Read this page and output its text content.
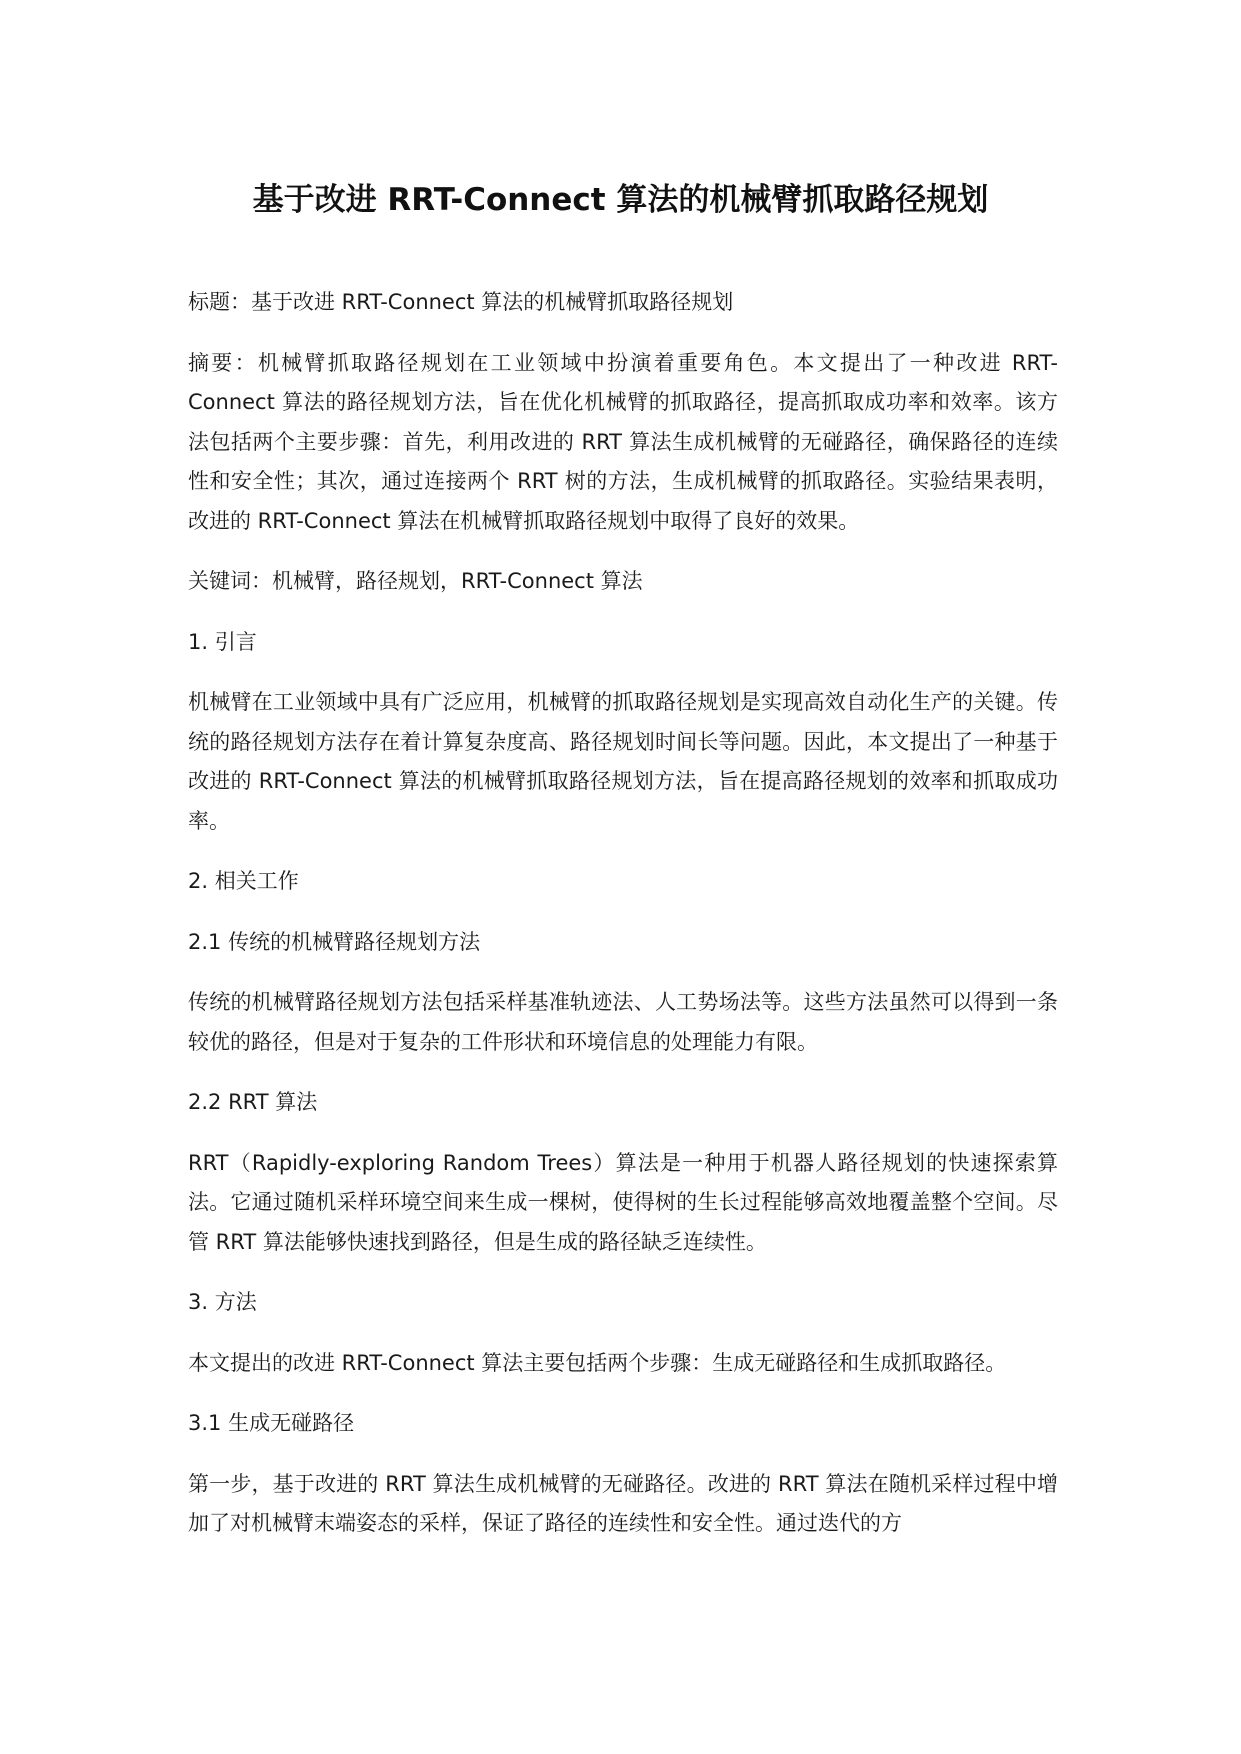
基于改进 RRT-Connect 算法的机械臂抓取路径规划

标题：基于改进 RRT-Connect 算法的机械臂抓取路径规划

摘要：机械臂抓取路径规划在工业领域中扮演着重要角色。本文提出了一种改进 RRT-Connect 算法的路径规划方法，旨在优化机械臂的抓取路径，提高抓取成功率和效率。该方法包括两个主要步骤：首先，利用改进的 RRT 算法生成机械臂的无碰路径，确保路径的连续性和安全性；其次，通过连接两个 RRT 树的方法，生成机械臂的抓取路径。实验结果表明，改进的 RRT-Connect 算法在机械臂抓取路径规划中取得了良好的效果。

关键词：机械臂，路径规划，RRT-Connect 算法

1. 引言

机械臂在工业领域中具有广泛应用，机械臂的抓取路径规划是实现高效自动化生产的关键。传统的路径规划方法存在着计算复杂度高、路径规划时间长等问题。因此，本文提出了一种基于改进的 RRT-Connect 算法的机械臂抓取路径规划方法，旨在提高路径规划的效率和抓取成功率。

2. 相关工作

2.1 传统的机械臂路径规划方法

传统的机械臂路径规划方法包括采样基准轨迹法、人工势场法等。这些方法虽然可以得到一条较优的路径，但是对于复杂的工件形状和环境信息的处理能力有限。

2.2 RRT 算法

RRT（Rapidly-exploring Random Trees）算法是一种用于机器人路径规划的快速探索算法。它通过随机采样环境空间来生成一棵树，使得树的生长过程能够高效地覆盖整个空间。尽管 RRT 算法能够快速找到路径，但是生成的路径缺乏连续性。

3. 方法

本文提出的改进 RRT-Connect 算法主要包括两个步骤：生成无碰路径和生成抓取路径。

3.1 生成无碰路径

第一步，基于改进的 RRT 算法生成机械臂的无碰路径。改进的 RRT 算法在随机采样过程中增加了对机械臂末端姿态的采样，保证了路径的连续性和安全性。通过迭代的方
